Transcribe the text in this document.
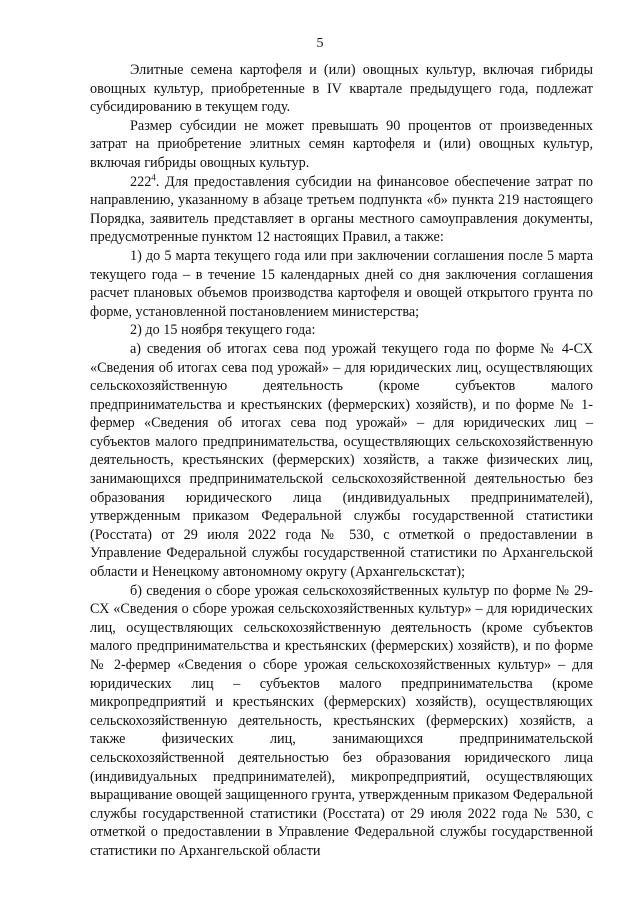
5

Элитные семена картофеля и (или) овощных культур, включая гибриды овощных культур, приобретенные в IV квартале предыдущего года, подлежат субсидированию в текущем году.

Размер субсидии не может превышать 90 процентов от произведенных затрат на приобретение элитных семян картофеля и (или) овощных культур, включая гибриды овощных культур.

$222^4$. Для предоставления субсидии на финансовое обеспечение затрат по направлению, указанному в абзаце третьем подпункта «б» пункта 219 настоящего Порядка, заявитель представляет в органы местного самоуправления документы, предусмотренные пунктом 12 настоящих Правил, а также:

1) до 5 марта текущего года или при заключении соглашения после 5 марта текущего года – в течение 15 календарных дней со дня заключения соглашения расчет плановых объемов производства картофеля и овощей открытого грунта по форме, установленной постановлением министерства;

2) до 15 ноября текущего года:

а) сведения об итогах сева под урожай текущего года по форме № 4-СХ «Сведения об итогах сева под урожай» – для юридических лиц, осуществляющих сельскохозяйственную деятельность (кроме субъектов малого предпринимательства и крестьянских (фермерских) хозяйств), и по форме № 1-фермер «Сведения об итогах сева под урожай» – для юридических лиц – субъектов малого предпринимательства, осуществляющих сельскохозяйственную деятельность, крестьянских (фермерских) хозяйств, а также физических лиц, занимающихся предпринимательской сельскохозяйственной деятельностью без образования юридического лица (индивидуальных предпринимателей), утвержденным приказом Федеральной службы государственной статистики (Росстата) от 29 июля 2022 года № 530, с отметкой о предоставлении в Управление Федеральной службы государственной статистики по Архангельской области и Ненецкому автономному округу (Архангельскстат);

б) сведения о сборе урожая сельскохозяйственных культур по форме № 29-СХ «Сведения о сборе урожая сельскохозяйственных культур» – для юридических лиц, осуществляющих сельскохозяйственную деятельность (кроме субъектов малого предпринимательства и крестьянских (фермерских) хозяйств), и по форме № 2-фермер «Сведения о сборе урожая сельскохозяйственных культур» – для юридических лиц – субъектов малого предпринимательства (кроме микропредприятий и крестьянских (фермерских) хозяйств), осуществляющих сельскохозяйственную деятельность, крестьянских (фермерских) хозяйств, а также физических лиц, занимающихся предпринимательской сельскохозяйственной деятельностью без образования юридического лица (индивидуальных предпринимателей), микропредприятий, осуществляющих выращивание овощей защищенного грунта, утвержденным приказом Федеральной службы государственной статистики (Росстата) от 29 июля 2022 года № 530, с отметкой о предоставлении в Управление Федеральной службы государственной статистики по Архангельской области
